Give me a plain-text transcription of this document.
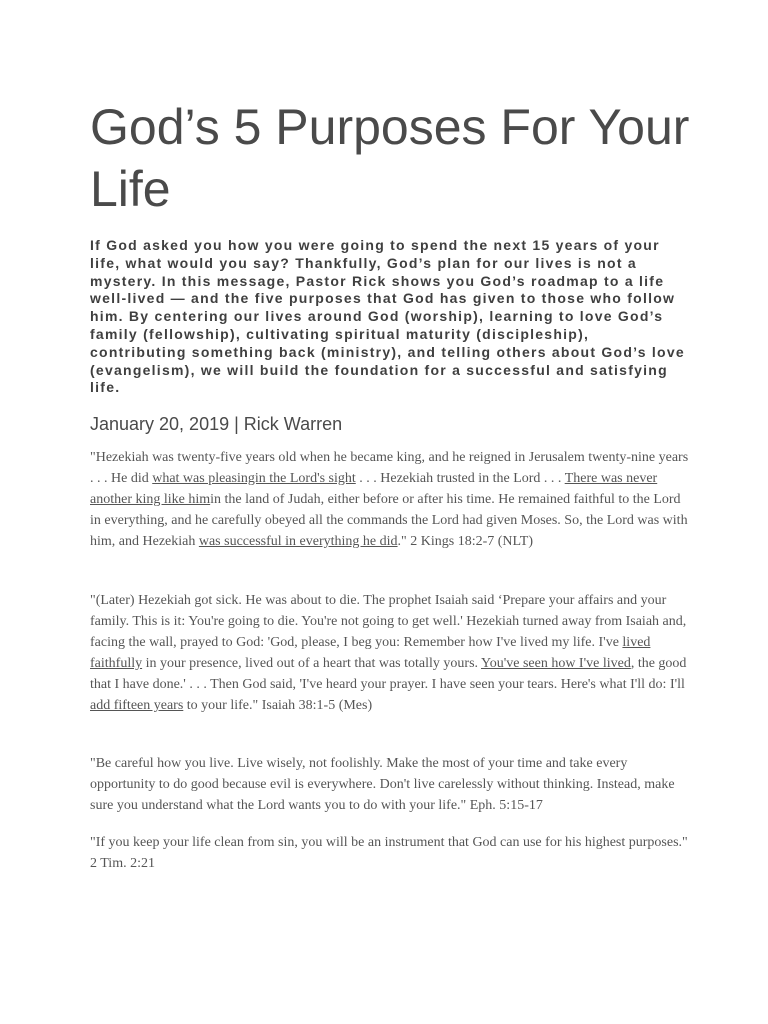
God’s 5 Purposes For Your Life

If God asked you how you were going to spend the next 15 years of your life, what would you say? Thankfully, God’s plan for our lives is not a mystery. In this message, Pastor Rick shows you God’s roadmap to a life well-lived — and the five purposes that God has given to those who follow him. By centering our lives around God (worship), learning to love God’s family (fellowship), cultivating spiritual maturity (discipleship), contributing something back (ministry), and telling others about God’s love (evangelism), we will build the foundation for a successful and satisfying life.

January 20, 2019 | Rick Warren

"Hezekiah was twenty-five years old when he became king, and he reigned in Jerusalem twenty-nine years . . . He did what was pleasingin the Lord's sight . . . Hezekiah trusted in the Lord . . . There was never another king like himin the land of Judah, either before or after his time. He remained faithful to the Lord in everything, and he carefully obeyed all the commands the Lord had given Moses. So, the Lord was with him, and Hezekiah was successful in everything he did." 2 Kings 18:2-7 (NLT)

"(Later) Hezekiah got sick. He was about to die. The prophet Isaiah said ‘Prepare your affairs and your family. This is it: You're going to die. You're not going to get well.' Hezekiah turned away from Isaiah and, facing the wall, prayed to God: 'God, please, I beg you: Remember how I've lived my life. I've lived faithfully in your presence, lived out of a heart that was totally yours. You've seen how I've lived, the good that I have done.' . . . Then God said, 'I've heard your prayer. I have seen your tears. Here's what I'll do: I'll add fifteen years to your life." Isaiah 38:1-5 (Mes)

"Be careful how you live. Live wisely, not foolishly. Make the most of your time and take every opportunity to do good because evil is everywhere. Don't live carelessly without thinking. Instead, make sure you understand what the Lord wants you to do with your life." Eph. 5:15-17

"If you keep your life clean from sin, you will be an instrument that God can use for his highest purposes." 2 Tim. 2:21
